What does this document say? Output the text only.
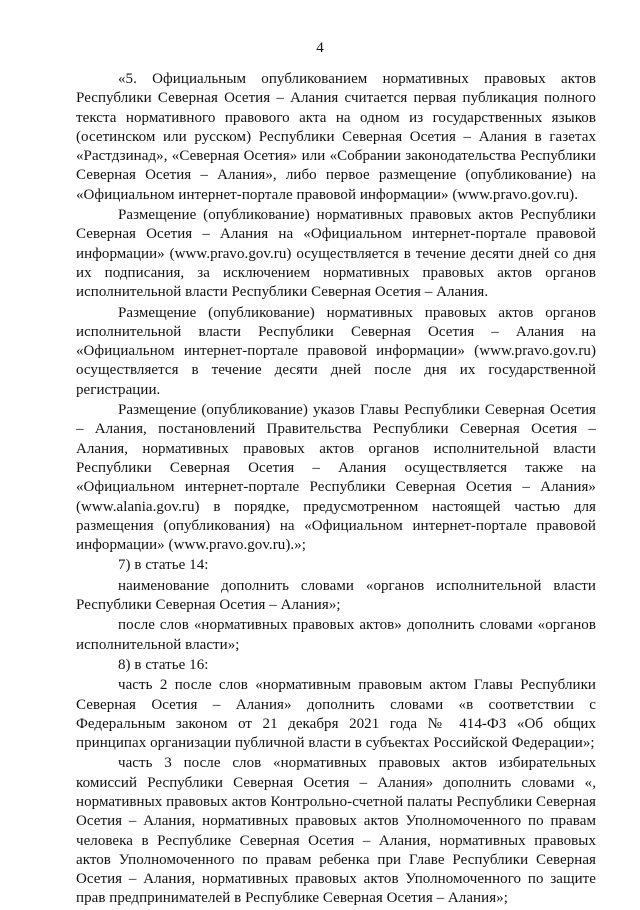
4

«5. Официальным опубликованием нормативных правовых актов Республики Северная Осетия – Алания считается первая публикация полного текста нормативного правового акта на одном из государственных языков (осетинском или русском) Республики Северная Осетия – Алания в газетах «Растдзинад», «Северная Осетия» или «Собрании законодательства Республики Северная Осетия – Алания», либо первое размещение (опубликование) на «Официальном интернет-портале правовой информации» (www.pravo.gov.ru).

Размещение (опубликование) нормативных правовых актов Республики Северная Осетия – Алания на «Официальном интернет-портале правовой информации» (www.pravo.gov.ru) осуществляется в течение десяти дней со дня их подписания, за исключением нормативных правовых актов органов исполнительной власти Республики Северная Осетия – Алания.

Размещение (опубликование) нормативных правовых актов органов исполнительной власти Республики Северная Осетия – Алания на «Официальном интернет-портале правовой информации» (www.pravo.gov.ru) осуществляется в течение десяти дней после дня их государственной регистрации.

Размещение (опубликование) указов Главы Республики Северная Осетия – Алания, постановлений Правительства Республики Северная Осетия – Алания, нормативных правовых актов органов исполнительной власти Республики Северная Осетия – Алания осуществляется также на «Официальном интернет-портале Республики Северная Осетия – Алания» (www.alania.gov.ru) в порядке, предусмотренном настоящей частью для размещения (опубликования) на «Официальном интернет-портале правовой информации» (www.pravo.gov.ru).»;

7) в статье 14:

наименование дополнить словами «органов исполнительной власти Республики Северная Осетия – Алания»;

после слов «нормативных правовых актов» дополнить словами «органов исполнительной власти»;

8) в статье 16:

часть 2 после слов «нормативным правовым актом Главы Республики Северная Осетия – Алания» дополнить словами «в соответствии с Федеральным законом от 21 декабря 2021 года № 414-ФЗ «Об общих принципах организации публичной власти в субъектах Российской Федерации»;

часть 3 после слов «нормативных правовых актов избирательных комиссий Республики Северная Осетия – Алания» дополнить словами «, нормативных правовых актов Контрольно-счетной палаты Республики Северная Осетия – Алания, нормативных правовых актов Уполномоченного по правам человека в Республике Северная Осетия – Алания, нормативных правовых актов Уполномоченного по правам ребенка при Главе Республики Северная Осетия – Алания, нормативных правовых актов Уполномоченного по защите прав предпринимателей в Республике Северная Осетия – Алания»;
